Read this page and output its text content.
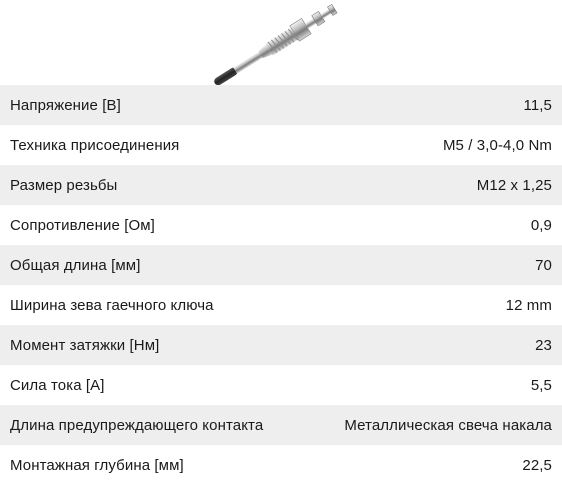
Напряжение [В]	11,5
Техника присоединения	M5 / 3,0-4,0 Nm
Размер резьбы	M12 x 1,25
Сопротивление [Ом]	0,9
Общая длина [мм]	70
Ширина зева гаечного ключа	12 mm
Момент затяжки [Нм]	23
Сила тока [А]	5,5
Длина предупреждающего контакта	Металлическая свеча накала
Монтажная глубина [мм]	22,5
